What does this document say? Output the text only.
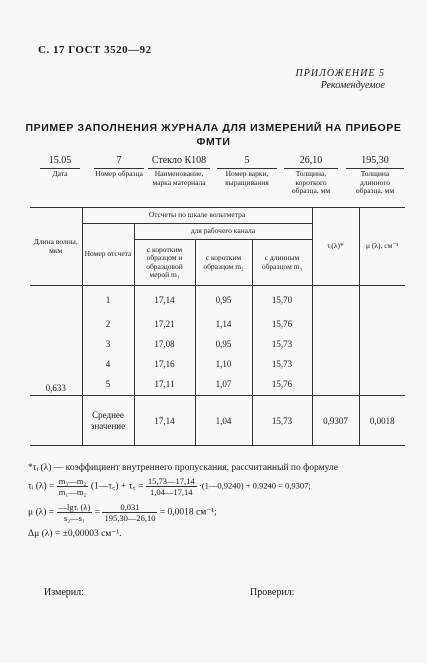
С. 17 ГОСТ 3520—92
ПРИЛОЖЕНИЕ 5
Рекомендуемое
ПРИМЕР ЗАПОЛНЕНИЯ ЖУРНАЛА ДЛЯ ИЗМЕРЕНИЙ НА ПРИБОРЕ
ФМТИ
15.05
Дата
7
Номер образца
Стекло К108
Наименование, марка материала
5
Номер варки, выращивания
26,10
Толщина, короткого образца, мм
195,30
Толщина длинного образца, мм
Длина волны, мкм	Отсчеты по шкале вольтметра				τᵢ(λ)*	μ (λ), см⁻¹
	Номер отсчета	для рабочего канала				
		с коротким образцом и образцовой мерой m₁	с коротким образцом m₂	с длинным образцом m₃		
0,633	1	17,14	0,95	15,70		
	2	17,21	1,14	15,76		
	3	17,08	0,95	15,73		
	4	17,16	1,10	15,73		
	5	17,11	1,07	15,76		
	Среднее значение	17,14	1,04	15,73	0,9307	0,0018
*τᵢ (λ) — коэффициент внутреннего пропускания, рассчитанный по формуле
τᵢ $(\lambda) = \frac{\text{m₃—m₂}}{\text{m₁—m₂}}$ (1—τ꜀) + τ꜀ = $\frac{15,73—17,14}{1,04—17,14}$ ·(1—0,9240) + 0.9240 = 0,9307;
μ $(\lambda) = \frac{\text{—lgτᵢ (λ)}}{\text{s₂—s₁}} = \frac{0,031}{195,30—26,10} = 0,0018$ см⁻¹;
Δμ (λ) = ±0,00003 см⁻¹.
Измерил:	Проверил:
